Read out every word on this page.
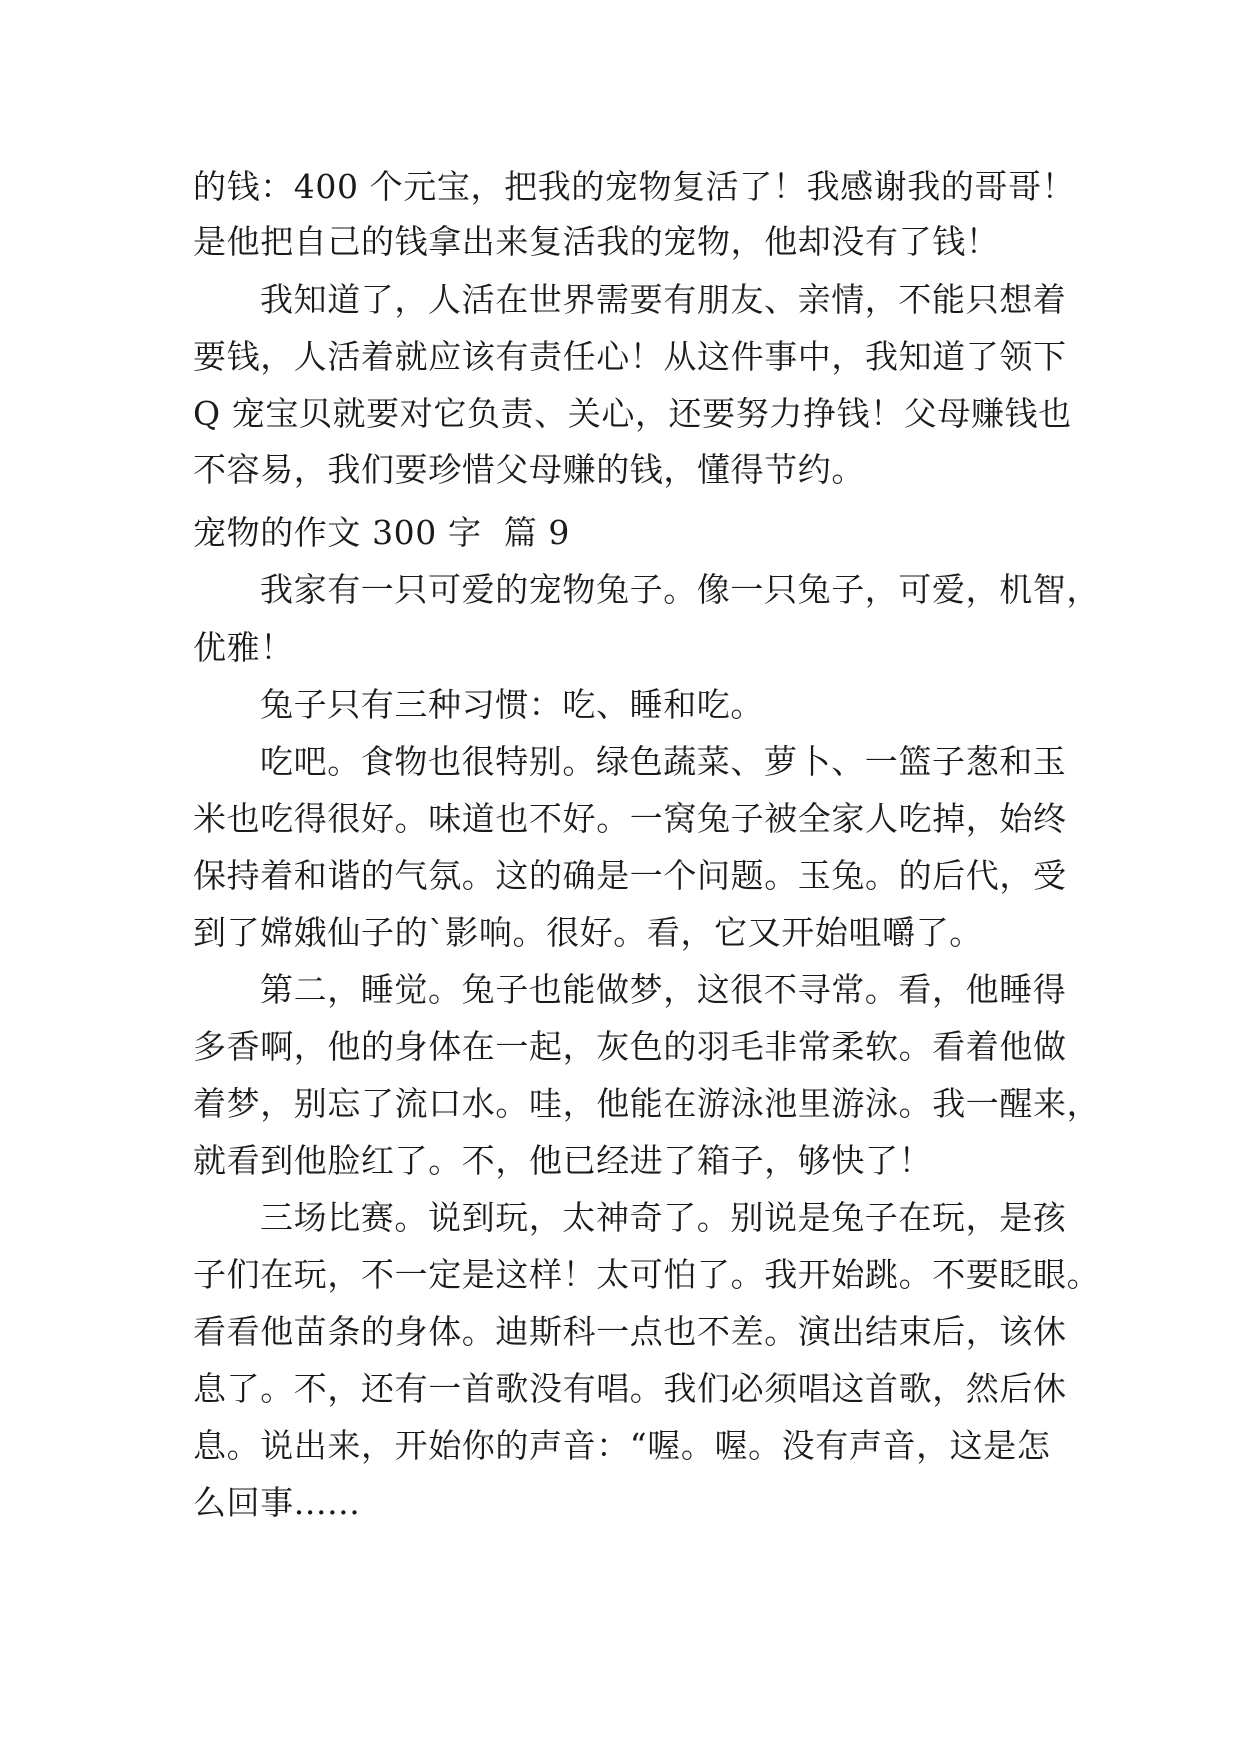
的钱：400 个元宝，把我的宠物复活了！我感谢我的哥哥！
是他把自己的钱拿出来复活我的宠物，他却没有了钱！
我知道了，人活在世界需要有朋友、亲情，不能只想着
要钱，人活着就应该有责任心！从这件事中，我知道了领下
Q 宠宝贝就要对它负责、关心，还要努力挣钱！父母赚钱也
不容易，我们要珍惜父母赚的钱，懂得节约。
宠物的作文 300 字  篇 9
我家有一只可爱的宠物兔子。像一只兔子，可爱，机智，
优雅！
兔子只有三种习惯：吃、睡和吃。
吃吧。食物也很特别。绿色蔬菜、萝卜、一篮子葱和玉
米也吃得很好。味道也不好。一窝兔子被全家人吃掉，始终
保持着和谐的气氛。这的确是一个问题。玉兔。的后代，受
到了嫦娥仙子的`影响。很好。看，它又开始咀嚼了。
第二，睡觉。兔子也能做梦，这很不寻常。看，他睡得
多香啊，他的身体在一起，灰色的羽毛非常柔软。看着他做
着梦，别忘了流口水。哇，他能在游泳池里游泳。我一醒来，
就看到他脸红了。不，他已经进了箱子，够快了！
三场比赛。说到玩，太神奇了。别说是兔子在玩，是孩
子们在玩，不一定是这样！太可怕了。我开始跳。不要眨眼。
看看他苗条的身体。迪斯科一点也不差。演出结束后，该休
息了。不，还有一首歌没有唱。我们必须唱这首歌，然后休
息。说出来，开始你的声音：“喔。喔。没有声音，这是怎
么回事......
